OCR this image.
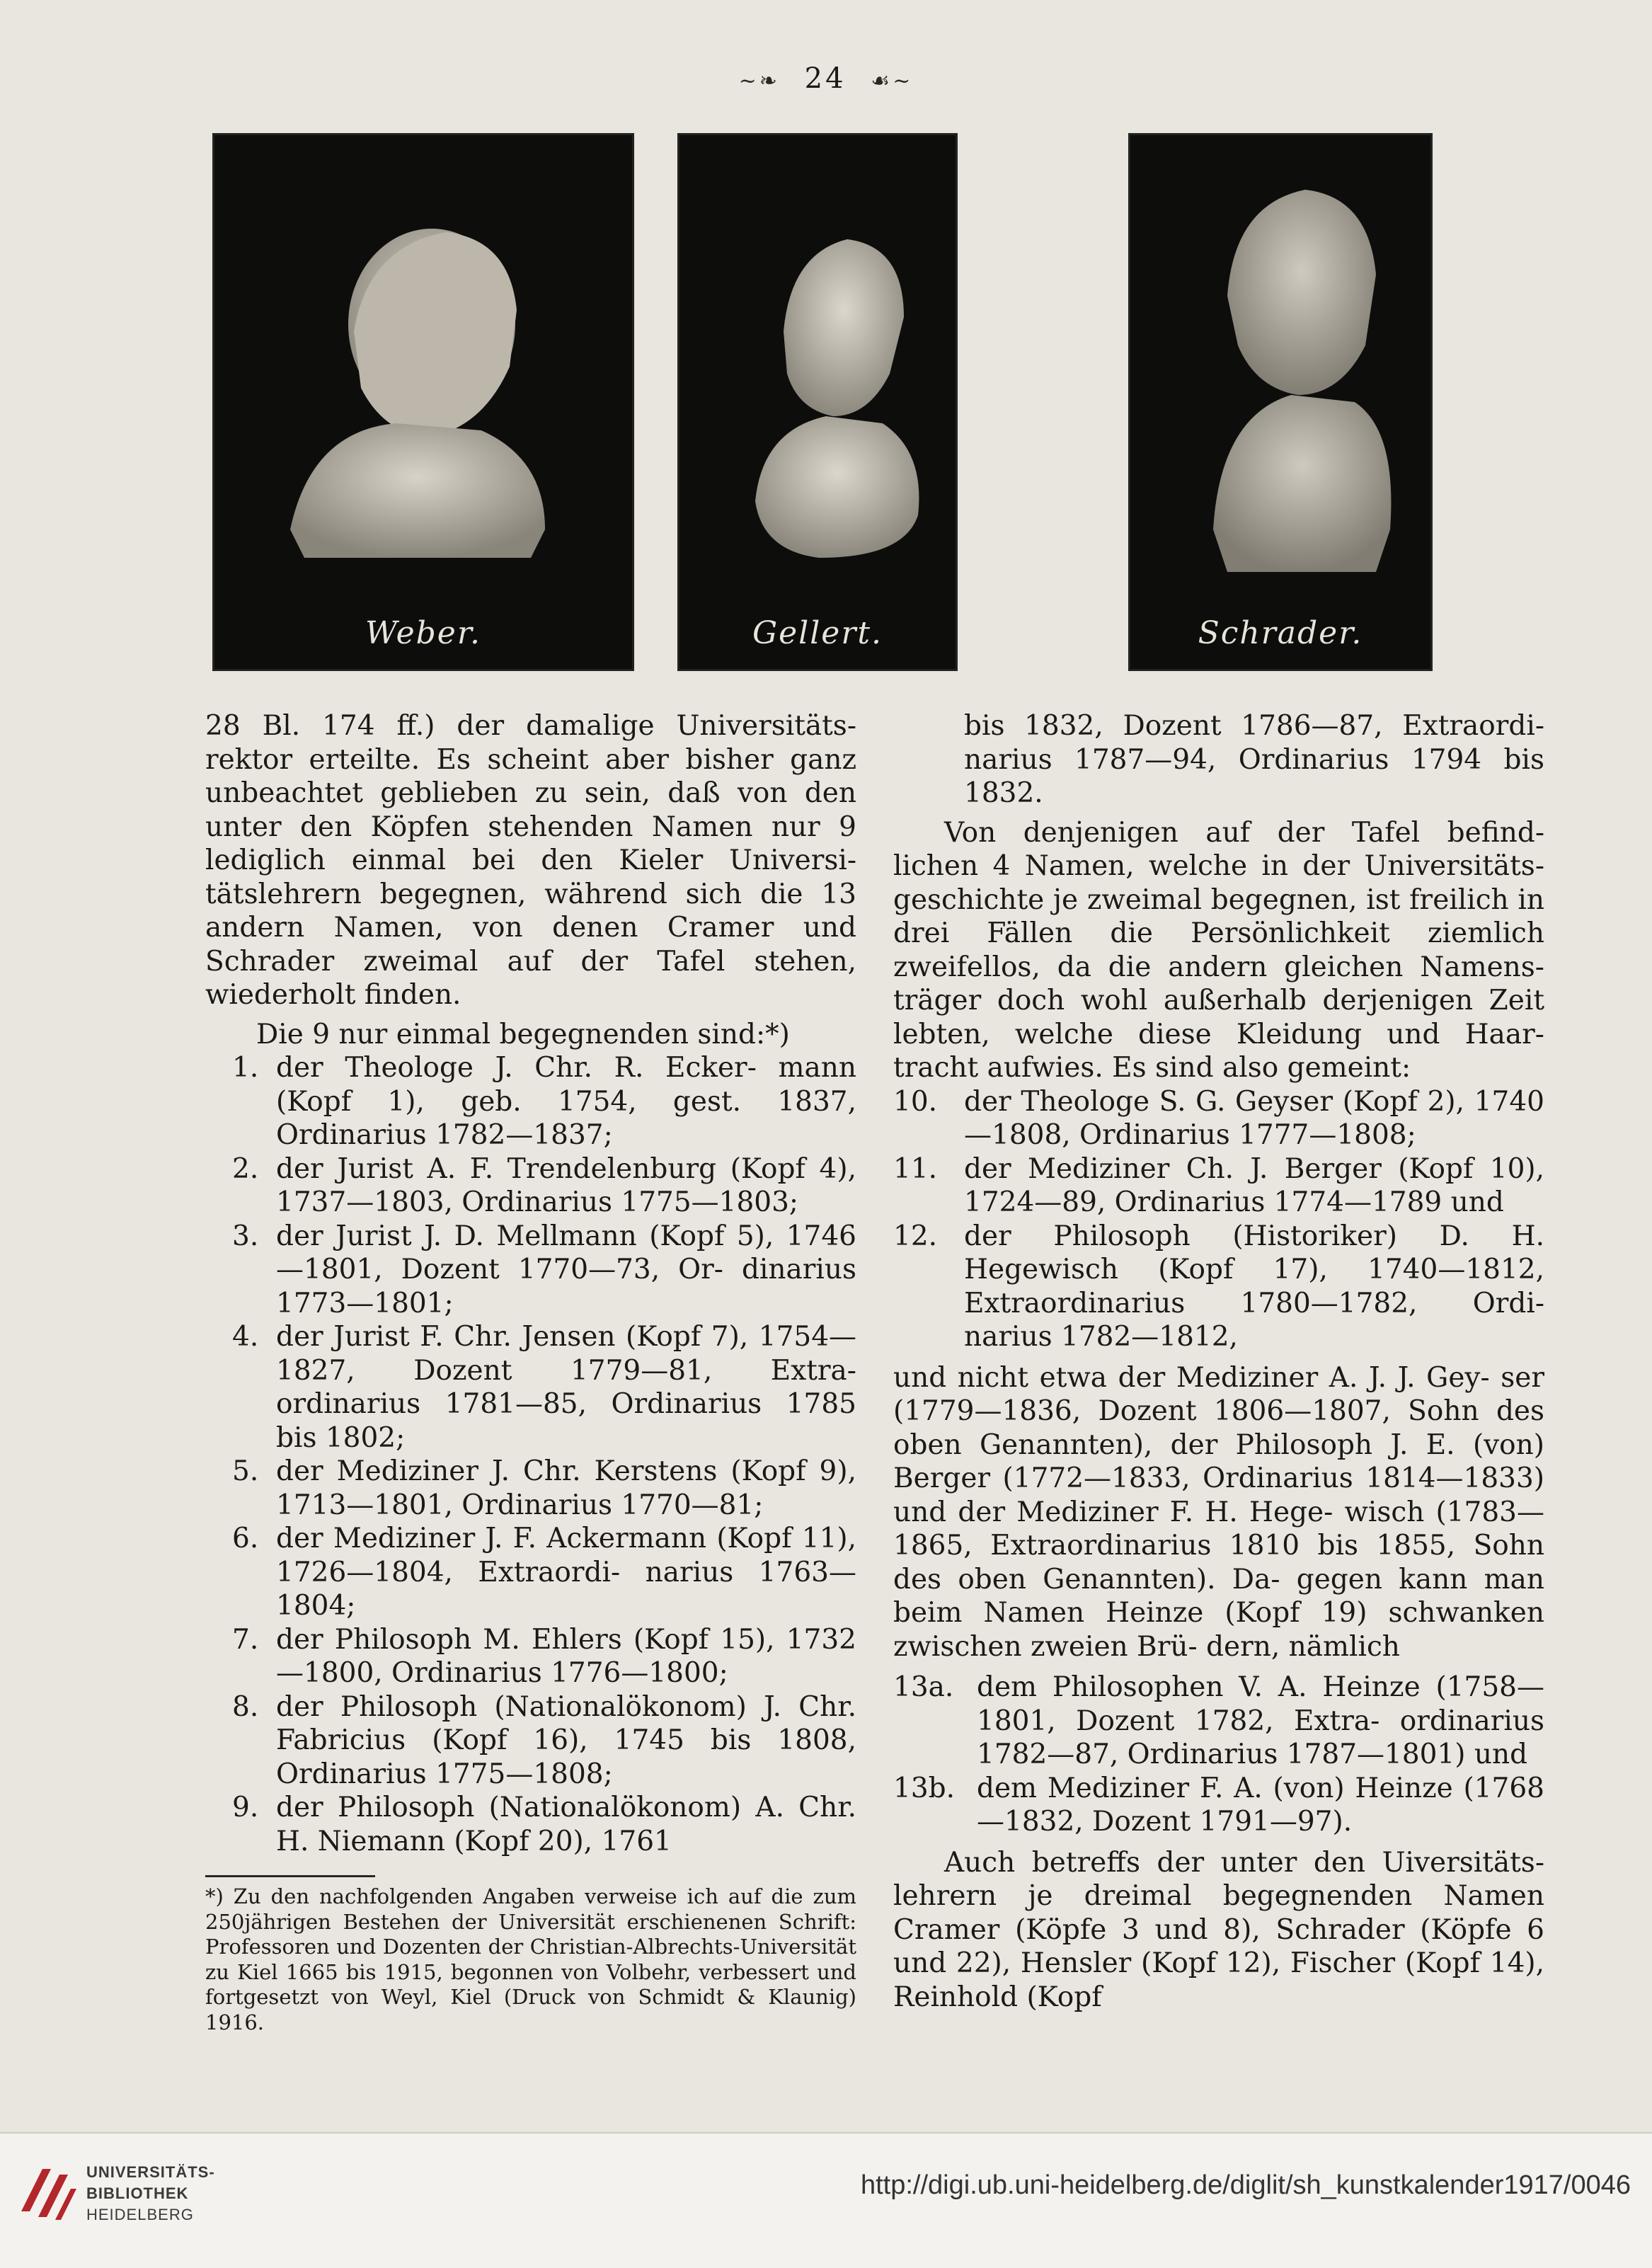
~❧ 24 ☙~
Weber.	Gellert.	Schrader.

28 Bl. 174 ff.) der damalige Universitäts- rektor erteilte. Es scheint aber bisher ganz unbeachtet geblieben zu sein, daß von den unter den Köpfen stehenden Namen nur 9 lediglich einmal bei den Kieler Universi- tätslehrern begegnen, während sich die 13 andern Namen, von denen Cramer und Schrader zweimal auf der Tafel stehen, wiederholt finden.

Die 9 nur einmal begegnenden sind:*)

1. der Theologe J. Chr. R. Ecker- mann (Kopf 1), geb. 1754, gest. 1837, Ordinarius 1782—1837;
2. der Jurist A. F. Trendelenburg (Kopf 4), 1737—1803, Ordinarius 1775—1803;
3. der Jurist J. D. Mellmann (Kopf 5), 1746—1801, Dozent 1770—73, Or- dinarius 1773—1801;
4. der Jurist F. Chr. Jensen (Kopf 7), 1754—1827, Dozent 1779—81, Extra- ordinarius 1781—85, Ordinarius 1785 bis 1802;
5. der Mediziner J. Chr. Kerstens (Kopf 9), 1713—1801, Ordinarius 1770—81;
6. der Mediziner J. F. Ackermann (Kopf 11), 1726—1804, Extraordi- narius 1763—1804;
7. der Philosoph M. Ehlers (Kopf 15), 1732—1800, Ordinarius 1776—1800;
8. der Philosoph (Nationalökonom) J. Chr. Fabricius (Kopf 16), 1745 bis 1808, Ordinarius 1775—1808;
9. der Philosoph (Nationalökonom) A. Chr. H. Niemann (Kopf 20), 1761

*) Zu den nachfolgenden Angaben verweise ich auf die zum 250jährigen Bestehen der Universität erschienenen Schrift: Professoren und Dozenten der Christian-Albrechts-Universität zu Kiel 1665 bis 1915, begonnen von Volbehr, verbessert und fortgesetzt von Weyl, Kiel (Druck von Schmidt & Klaunig) 1916.

bis 1832, Dozent 1786—87, Extraordi- narius 1787—94, Ordinarius 1794 bis 1832.

Von denjenigen auf der Tafel befind- lichen 4 Namen, welche in der Universitäts- geschichte je zweimal begegnen, ist freilich in drei Fällen die Persönlichkeit ziemlich zweifellos, da die andern gleichen Namens- träger doch wohl außerhalb derjenigen Zeit lebten, welche diese Kleidung und Haar- tracht aufwies. Es sind also gemeint:

10. der Theologe S. G. Geyser (Kopf 2), 1740—1808, Ordinarius 1777—1808;
11. der Mediziner Ch. J. Berger (Kopf 10), 1724—89, Ordinarius 1774—1789 und
12. der Philosoph (Historiker) D. H. Hegewisch (Kopf 17), 1740—1812, Extraordinarius 1780—1782, Ordi- narius 1782—1812,

und nicht etwa der Mediziner A. J. J. Gey- ser (1779—1836, Dozent 1806—1807, Sohn des oben Genannten), der Philosoph J. E. (von) Berger (1772—1833, Ordinarius 1814—1833) und der Mediziner F. H. Hege- wisch (1783—1865, Extraordinarius 1810 bis 1855, Sohn des oben Genannten). Da- gegen kann man beim Namen Heinze (Kopf 19) schwanken zwischen zweien Brü- dern, nämlich

13a. dem Philosophen V. A. Heinze (1758—1801, Dozent 1782, Extra- ordinarius 1782—87, Ordinarius 1787—1801) und
13b. dem Mediziner F. A. (von) Heinze (1768—1832, Dozent 1791—97).

Auch betreffs der unter den Uiversitäts- lehrern je dreimal begegnenden Namen Cramer (Köpfe 3 und 8), Schrader (Köpfe 6 und 22), Hensler (Kopf 12), Fischer (Kopf 14), Reinhold (Kopf

UNIVERSITÄTS-
BIBLIOTHEK
HEIDELBERG
http://digi.ub.uni-heidelberg.de/diglit/sh_kunstkalender1917/0046
